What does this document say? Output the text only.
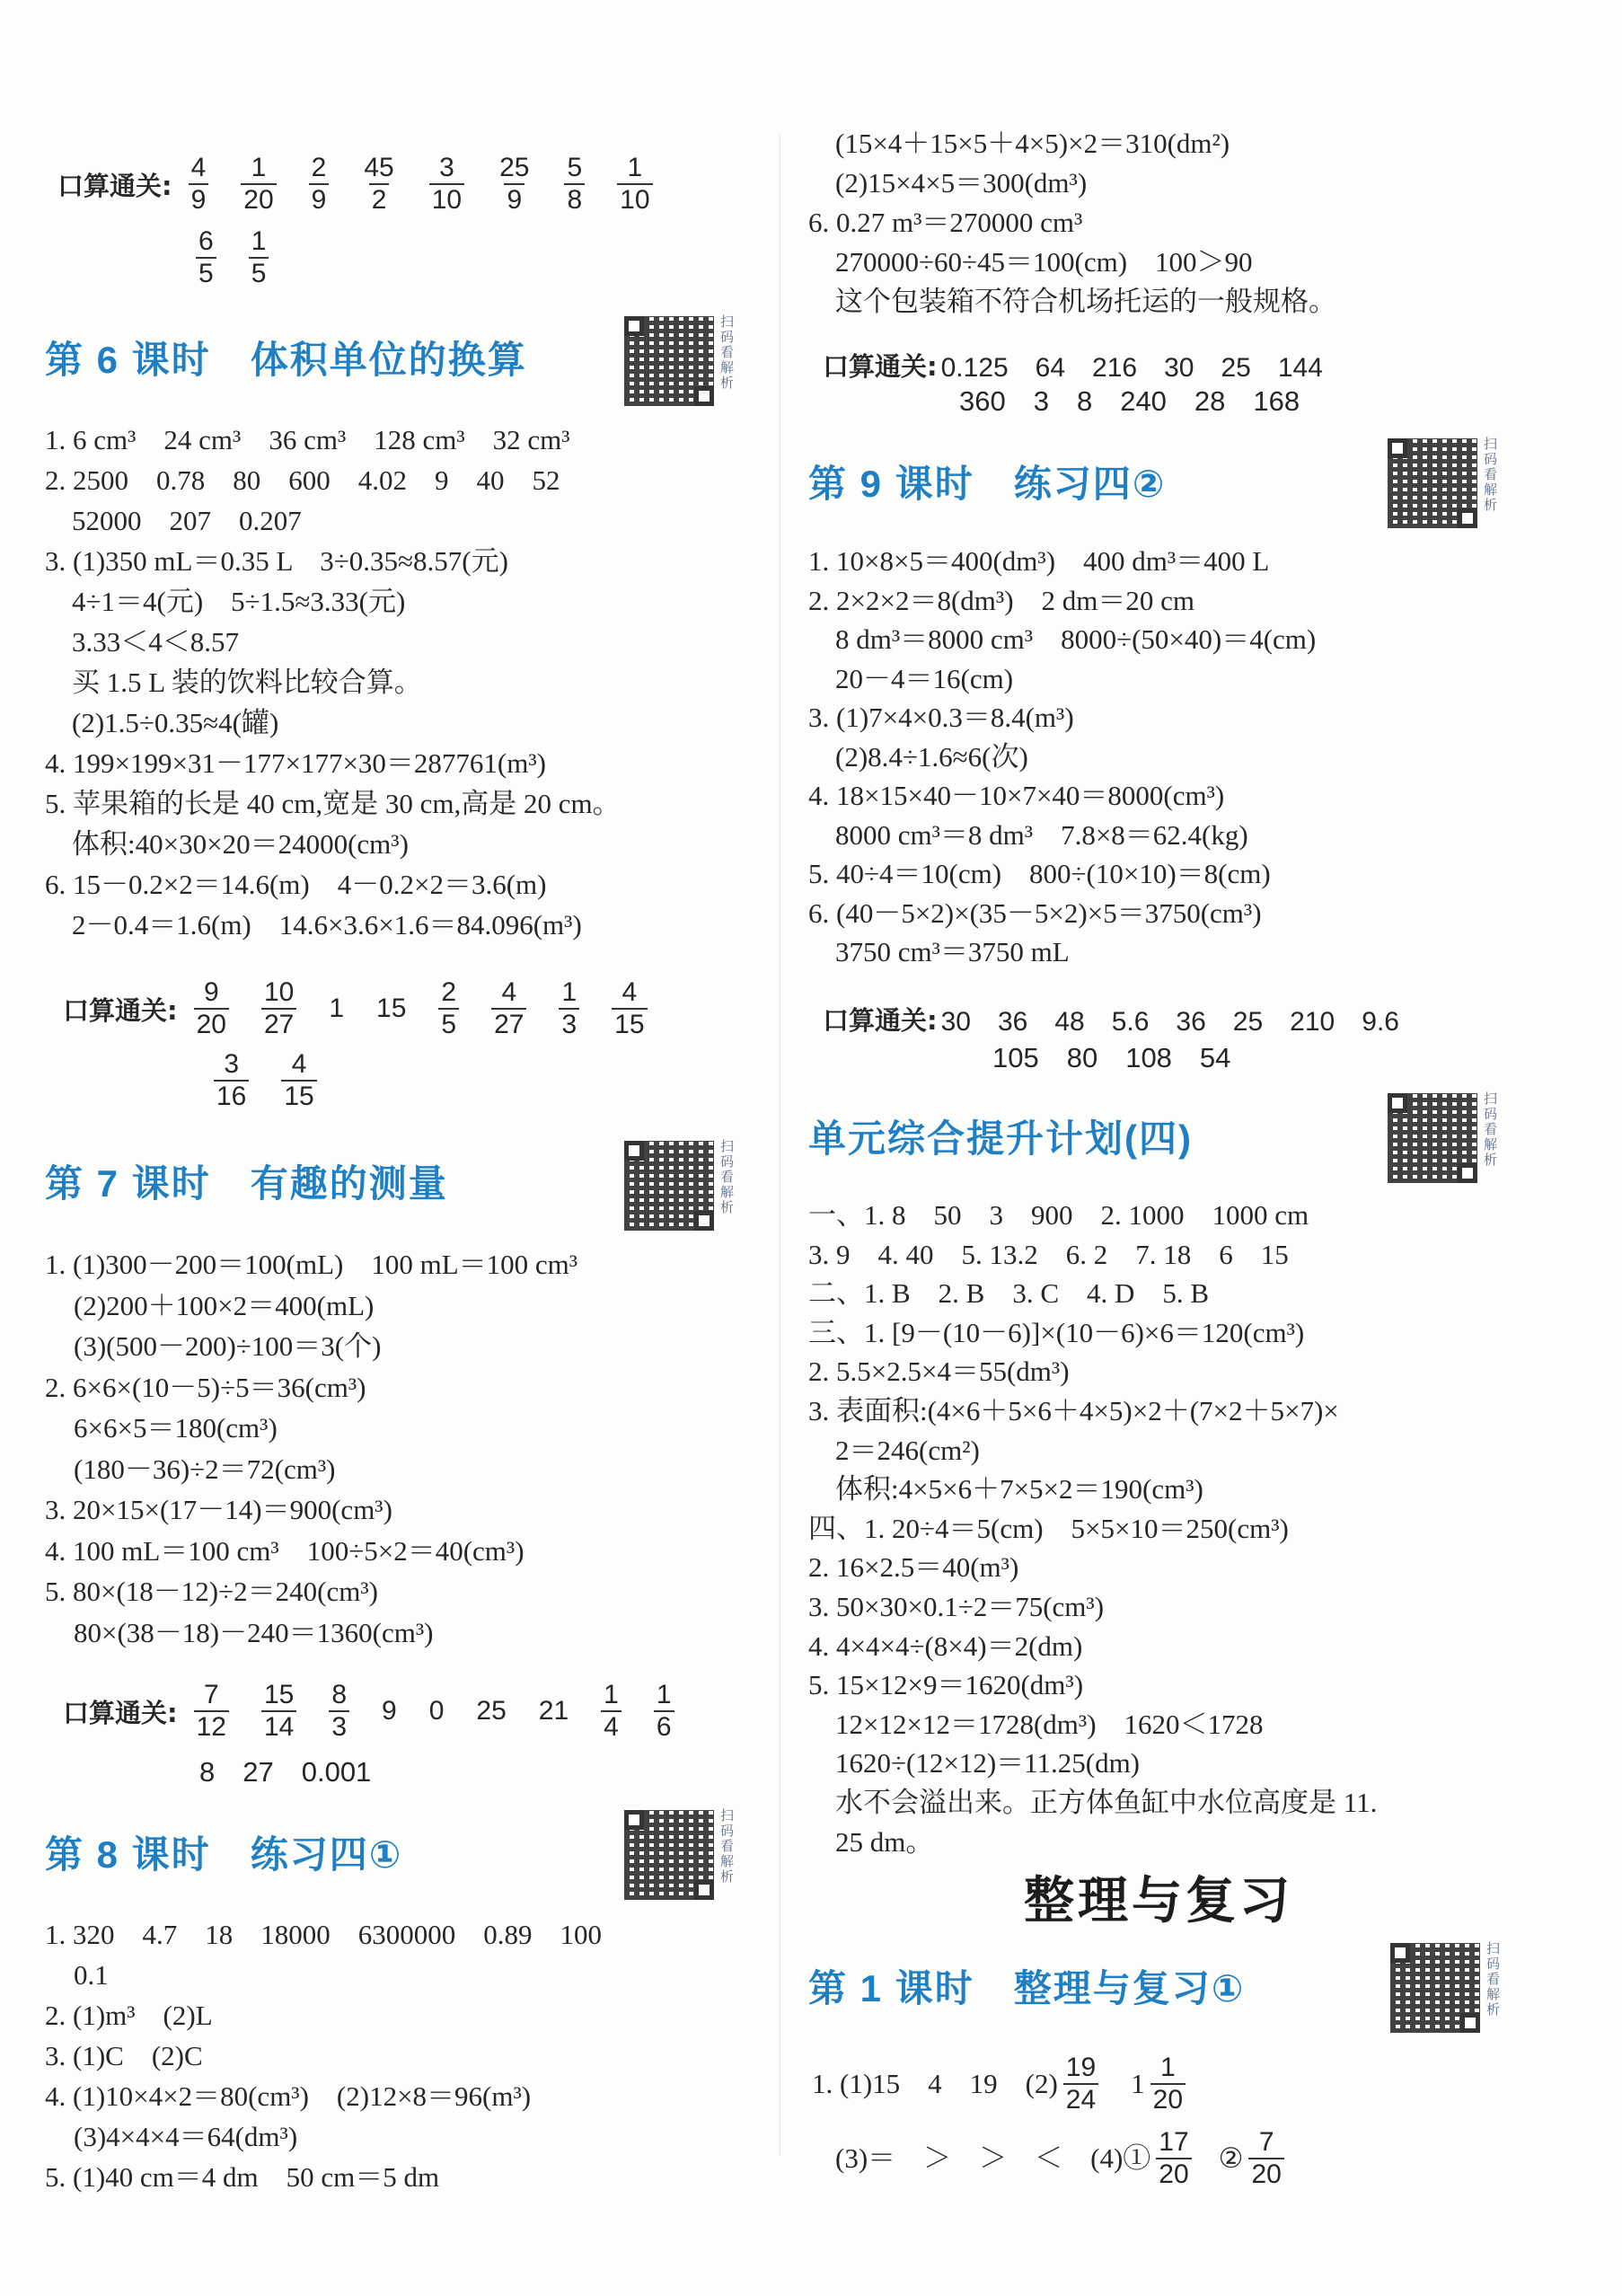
口算通关: $\frac{4}{9} \frac{1}{20} \frac{2}{9} \frac{45}{2} \frac{3}{10} \frac{25}{9} \frac{5}{8} \frac{1}{10}$
$\frac{6}{5} \frac{1}{5}$
第 6 课时　体积单位的换算
扫码看解析
1. 6 cm³　24 cm³　36 cm³　128 cm³　32 cm³
2. 2500　0.78　80　600　4.02　9　40　52
52000　207　0.207
3. (1)350 mL＝0.35 L　3÷0.35≈8.57(元)
4÷1＝4(元)　5÷1.5≈3.33(元)
3.33＜4＜8.57
买 1.5 L 装的饮料比较合算。
(2)1.5÷0.35≈4(罐)
4. 199×199×31－177×177×30＝287761(m³)
5. 苹果箱的长是 40 cm,宽是 30 cm,高是 20 cm。
体积:40×30×20＝24000(cm³)
6. 15－0.2×2＝14.6(m)　4－0.2×2＝3.6(m)
2－0.4＝1.6(m)　14.6×3.6×1.6＝84.096(m³)
口算通关: $\frac{9}{20} \frac{10}{27} 1$ $15 \frac{2}{5} \frac{4}{27} \frac{1}{3} \frac{4}{15}$
$\frac{3}{16} \frac{4}{15}$
第 7 课时　有趣的测量
扫码看解析
1. (1)300－200＝100(mL)　100 mL＝100 cm³
(2)200＋100×2＝400(mL)
(3)(500－200)÷100＝3(个)
2. 6×6×(10－5)÷5＝36(cm³)
6×6×5＝180(cm³)
(180－36)÷2＝72(cm³)
3. 20×15×(17－14)＝900(cm³)
4. 100 mL＝100 cm³　100÷5×2＝40(cm³)
5. 80×(18－12)÷2＝240(cm³)
80×(38－18)－240＝1360(cm³)
口算通关: $\frac{7}{12} \frac{15}{14} \frac{8}{3} 9$ 0 25 $21 \frac{1}{4} \frac{1}{6}$
8　27　0.001
第 8 课时　练习四①
扫码看解析
1. 320　4.7　18　18000　6300000　0.89　100
0.1
2. (1)m³　(2)L
3. (1)C　(2)C
4. (1)10×4×2＝80(cm³)　(2)12×8＝96(m³)
(3)4×4×4＝64(dm³)
5. (1)40 cm＝4 dm　50 cm＝5 dm
(15×4＋15×5＋4×5)×2＝310(dm²)
(2)15×4×5＝300(dm³)
6. 0.27 m³＝270000 cm³
270000÷60÷45＝100(cm)　100＞90
这个包装箱不符合机场托运的一般规格。
口算通关: 0.125　64　216　30　25　144
360　3　8　240　28　168
第 9 课时　练习四②
扫码看解析
1. 10×8×5＝400(dm³)　400 dm³＝400 L
2. 2×2×2＝8(dm³)　2 dm＝20 cm
8 dm³＝8000 cm³　8000÷(50×40)＝4(cm)
20－4＝16(cm)
3. (1)7×4×0.3＝8.4(m³)
(2)8.4÷1.6≈6(次)
4. 18×15×40－10×7×40＝8000(cm³)
8000 cm³＝8 dm³　7.8×8＝62.4(kg)
5. 40÷4＝10(cm)　800÷(10×10)＝8(cm)
6. (40－5×2)×(35－5×2)×5＝3750(cm³)
3750 cm³＝3750 mL
口算通关: 30　36　48　5.6　36　25　210　9.6
105　80　108　54
单元综合提升计划(四)
扫码看解析
一、1. 8　50　3　900　2. 1000　1000 cm
3. 9　4. 40　5. 13.2　6. 2　7. 18　6　15
二、1. B　2. B　3. C　4. D　5. B
三、1. [9－(10－6)]×(10－6)×6＝120(cm³)
2. 5.5×2.5×4＝55(dm³)
3. 表面积:(4×6＋5×6＋4×5)×2＋(7×2＋5×7)×
2＝246(cm²)
体积:4×5×6＋7×5×2＝190(cm³)
四、1. 20÷4＝5(cm)　5×5×10＝250(cm³)
2. 16×2.5＝40(m³)
3. 50×30×0.1÷2＝75(cm³)
4. 4×4×4÷(8×4)＝2(dm)
5. 15×12×9＝1620(dm³)
12×12×12＝1728(dm³)　1620＜1728
1620÷(12×12)＝11.25(dm)
水不会溢出来。正方体鱼缸中水位高度是 11.
25 dm。
整理与复习
第 1 课时　整理与复习①
扫码看解析
1. (1)15　4　19　$(2) \frac{19}{24} 1 \frac{1}{20}$
(3)＝　＞　＞　＜　(4)① $\frac{17}{20}$ ② $\frac{7}{20}$
